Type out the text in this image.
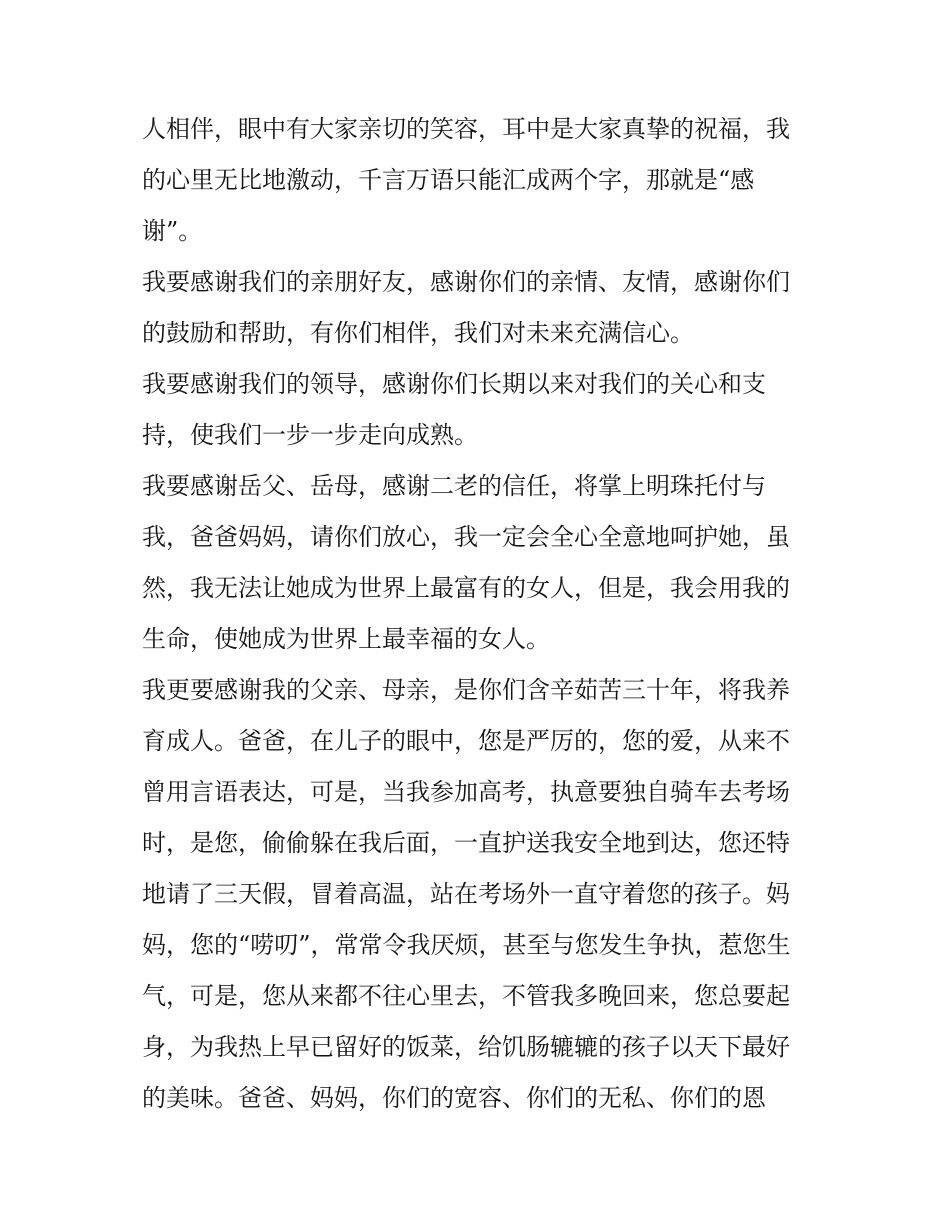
人相伴，眼中有大家亲切的笑容，耳中是大家真挚的祝福，我

的心里无比地激动，千言万语只能汇成两个字，那就是“感

谢”。

我要感谢我们的亲朋好友，感谢你们的亲情、友情，感谢你们

的鼓励和帮助，有你们相伴，我们对未来充满信心。

我要感谢我们的领导，感谢你们长期以来对我们的关心和支

持，使我们一步一步走向成熟。

我要感谢岳父、岳母，感谢二老的信任，将掌上明珠托付与

我，爸爸妈妈，请你们放心，我一定会全心全意地呵护她，虽

然，我无法让她成为世界上最富有的女人，但是，我会用我的

生命，使她成为世界上最幸福的女人。

我更要感谢我的父亲、母亲，是你们含辛茹苦三十年，将我养

育成人。爸爸，在儿子的眼中，您是严厉的，您的爱，从来不

曾用言语表达，可是，当我参加高考，执意要独自骑车去考场

时，是您，偷偷躲在我后面，一直护送我安全地到达，您还特

地请了三天假，冒着高温，站在考场外一直守着您的孩子。妈

妈，您的“唠叨”，常常令我厌烦，甚至与您发生争执，惹您生

气，可是，您从来都不往心里去，不管我多晚回来，您总要起

身，为我热上早已留好的饭菜，给饥肠辘辘的孩子以天下最好

的美味。爸爸、妈妈，你们的宽容、你们的无私、你们的恩
